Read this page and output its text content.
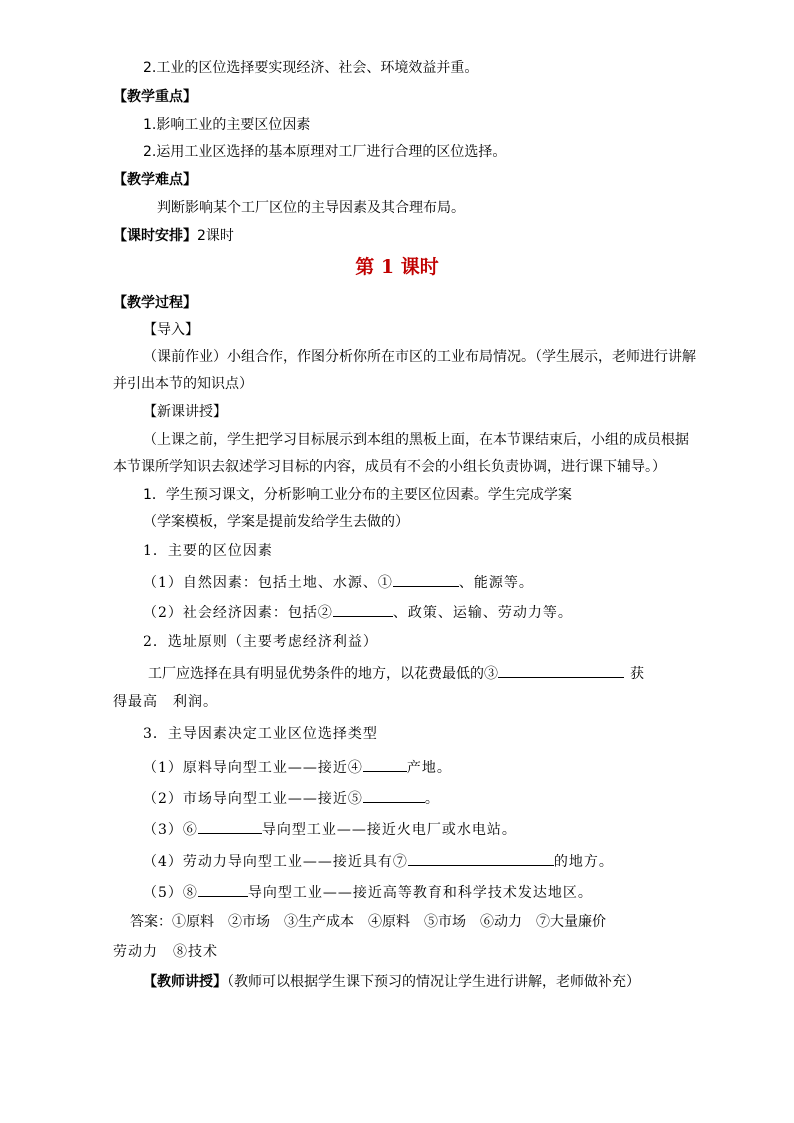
2.工业的区位选择要实现经济、社会、环境效益并重。
【教学重点】
1.影响工业的主要区位因素
2.运用工业区选择的基本原理对工厂进行合理的区位选择。
【教学难点】
判断影响某个工厂区位的主导因素及其合理布局。
【课时安排】2课时
第 1 课时
【教学过程】
【导入】
（课前作业）小组合作，作图分析你所在市区的工业布局情况。（学生展示，老师进行讲解
并引出本节的知识点）
【新课讲授】
（上课之前，学生把学习目标展示到本组的黑板上面，在本节课结束后，小组的成员根据
本节课所学知识去叙述学习目标的内容，成员有不会的小组长负责协调，进行课下辅导。）
1．学生预习课文，分析影响工业分布的主要区位因素。学生完成学案
（学案模板，学案是提前发给学生去做的）
1．主要的区位因素
（1）自然因素：包括土地、水源、①	、能源等。
（2）社会经济因素：包括②	、政策、运输、劳动力等。
2．选址原则（主要考虑经济利益）
工厂应选择在具有明显优势条件的地方，以花费最低的③	获
得最高　利润。
3．主导因素决定工业区位选择类型
（1）原料导向型工业——接近④	产地。
（2）市场导向型工业——接近⑤	。
（3）⑥	导向型工业——接近火电厂或水电站。
（4）劳动力导向型工业——接近具有⑦	的地方。
（5）⑧	导向型工业——接近高等教育和科学技术发达地区。
答案：①原料　②市场　③生产成本　④原料　⑤市场　⑥动力　⑦大量廉价
劳动力　⑧技术
【教师讲授】（教师可以根据学生课下预习的情况让学生进行讲解，老师做补充）
